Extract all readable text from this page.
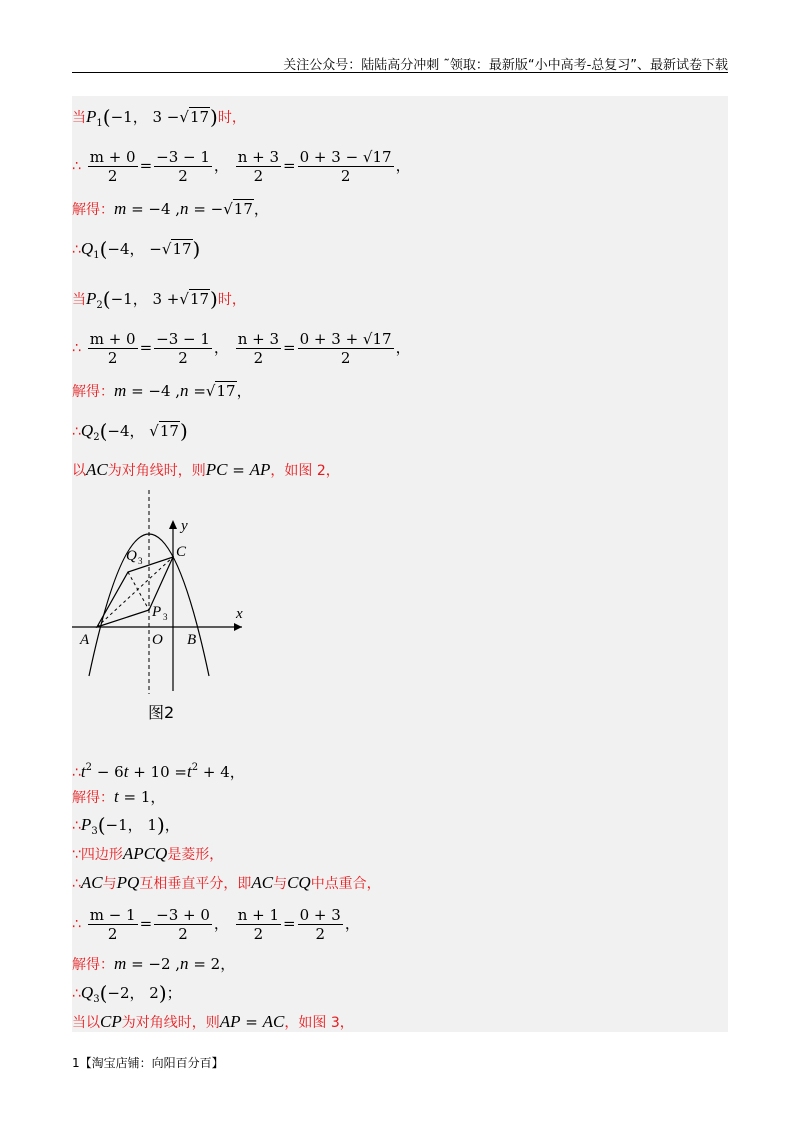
关注公众号：陆陆高分冲刺 ˜领取：最新版“小中高考-总复习”、最新试卷下载
当$P_1(-1$， 3 −√17)时，
∴ $\frac{m + 0}{2} = \frac{-3 - 1}{2}$ ， $\frac{n + 3}{2} = \frac{0 + 3 - √17}{2}$ ，
解得：m = −4 ,n = −√17，
$\therefore Q_1(-4$， −√17)
当$P_2(-1$， 3 +√17)时，
∴ $\frac{m + 0}{2} = \frac{-3 - 1}{2}$ ， $\frac{n + 3}{2} = \frac{0 + 3 + √17}{2}$ ，
解得：m = −4 ,n =√17，
$\therefore Q_2(-4$， √17)
以AC为对角线时，则PC = AP，如图 2，
y
x
C
Q 3
P 3
A	O B
图2
$\therefore t^2 - 6t + 10 =t^2 + 4$，
解得：t = 1，
$\therefore P_3(-1$， 1)，
∵四边形APCQ是菱形，
∴AC与PQ互相垂直平分，即AC与CQ中点重合，
∴ $\frac{m - 1}{2} = \frac{-3 + 0}{2}$ ， $\frac{n + 1}{2} = \frac{0 + 3}{2}$ ，
解得：m = −2 ,n = 2，
$\therefore Q_3(-2$， 2)；
当以CP为对角线时，则AP = AC，如图 3，
1【淘宝店铺：向阳百分百】
